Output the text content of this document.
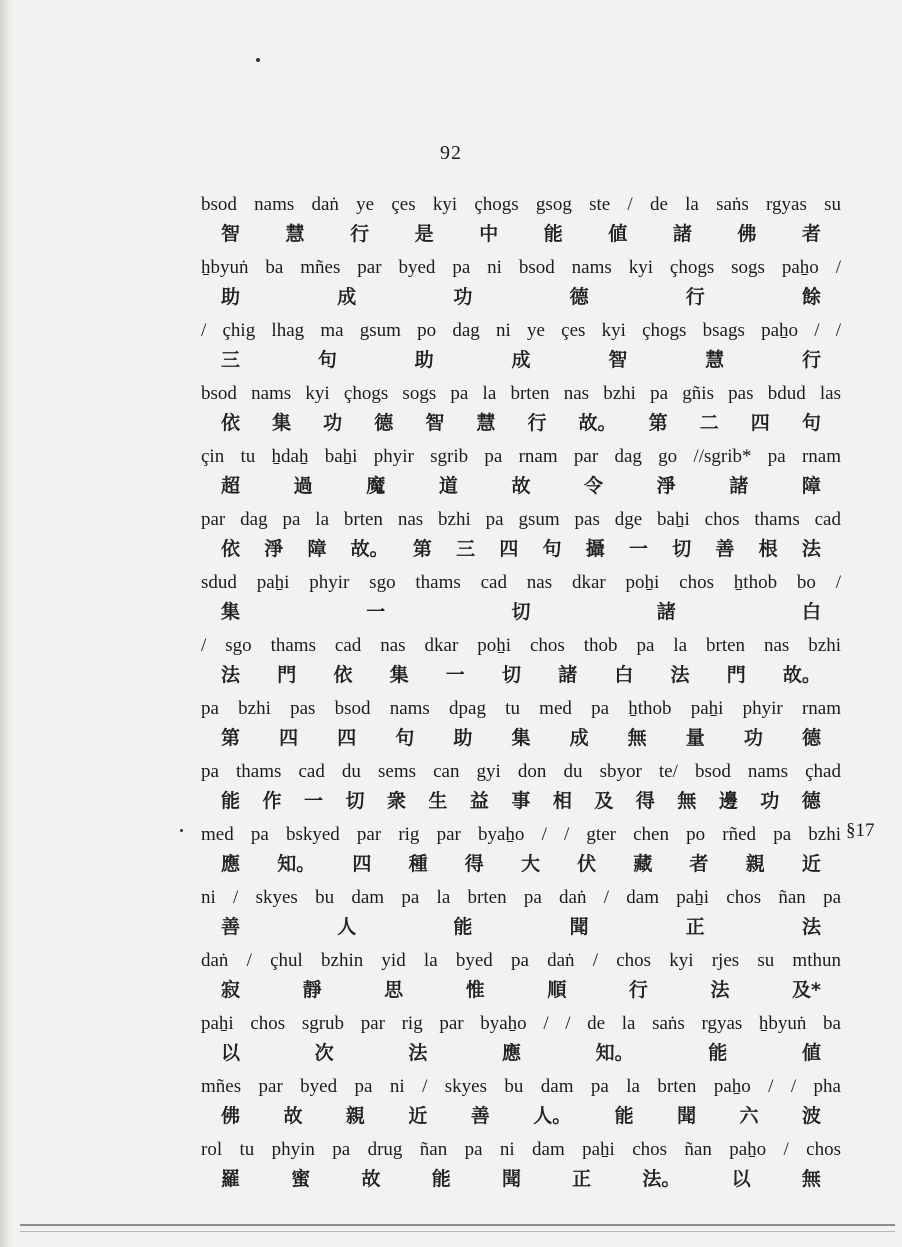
92
bsod nams daṅ ye çes kyi çhogs gsog ste / de la saṅs rgyas su
智 慧 行 是 中 能 値 諸 佛 者
ẖbyuṅ ba mñes par byed pa ni bsod nams kyi çhogs sogs paẖo /
助	成	功	德	行	餘
/ çhig lhag ma gsum po dag ni ye çes kyi çhogs bsags paẖo / /
三	句	助	成	智	慧	行
bsod nams kyi çhogs sogs pa la brten nas bzhi pa gñis pas bdud las
依 集 功 德 智 慧 行 故。 第 二 四 句
çin tu ẖdaẖ baẖi phyir sgrib pa rnam par dag go //sgrib* pa rnam
超	過	魔	道	故	令	淨	諸	障
par dag pa la brten nas bzhi pa gsum pas dge baẖi chos thams cad
依 淨 障 故。 第 三 四 句 攝 一 切 善 根 法
sdud paẖi phyir sgo thams cad nas dkar poẖi chos ẖthob bo /
集	一	切	諸	白
/ sgo thams cad nas dkar poẖi chos thob pa la brten nas bzhi
法 門 依 集 一 切 諸 白 法 門 故。
pa bzhi pas bsod nams dpag tu med pa ẖthob paẖi phyir rnam
第 四 四 句 助 集 成 無 量 功 德
pa thams cad du sems can gyi don du sbyor te/ bsod nams çhad
能 作 一 切 衆 生 益 事 相 及 得 無 邊 功 德
med pa bskyed par rig par byaẖo / / gter chen po rñed pa bzhi
應 知。 四 種 得 大 伏 藏 者 親 近
ni / skyes bu dam pa la brten pa daṅ / dam paẖi chos ñan pa
善	人	能	聞	正	法
daṅ / çhul bzhin yid la byed pa daṅ / chos kyi rjes su mthun
寂	靜	思	惟	順	行	法	及*
paẖi chos sgrub par rig par byaẖo / / de la saṅs rgyas ẖbyuṅ ba
以	次	法	應	知。	能	値
mñes par byed pa ni / skyes bu dam pa la brten paẖo / / pha
佛 故 親 近 善 人。 能 聞 六 波
rol tu phyin pa drug ñan pa ni dam paẖi chos ñan paẖo / chos
羅	蜜	故	能	聞	正	法。	以	無
§17
